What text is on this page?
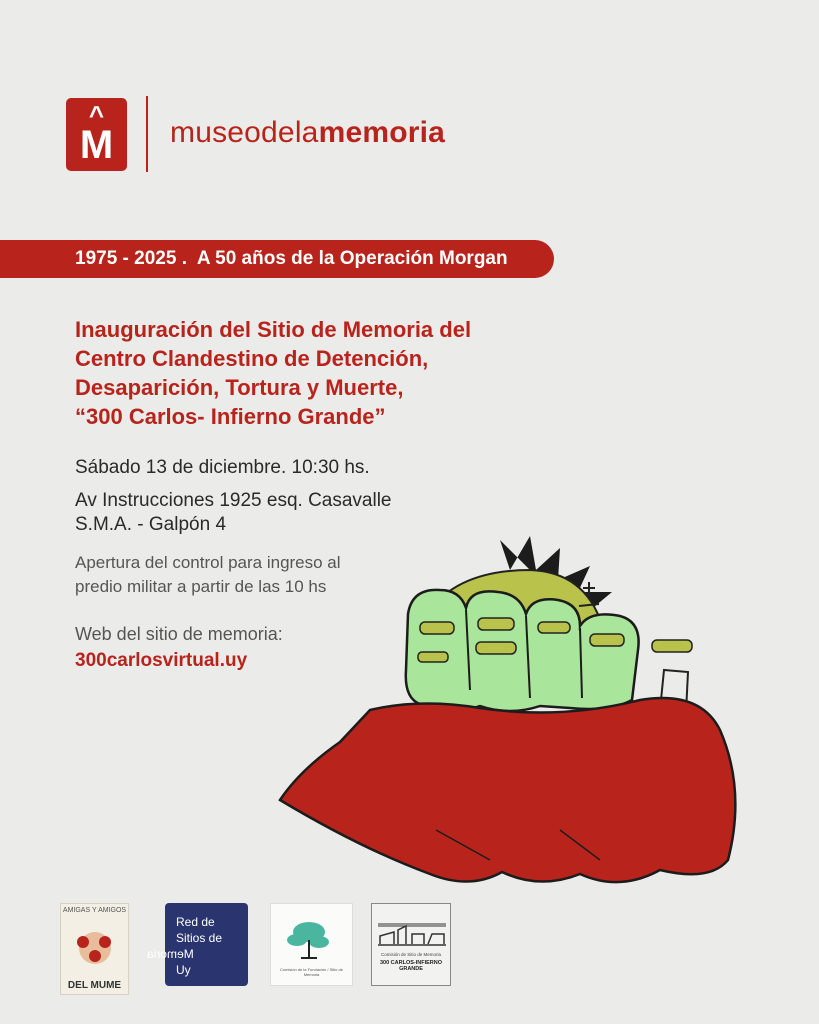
^
M	museodelamemoria
1975 - 2025 .  A 50 años de la Operación Morgan
Inauguración del Sitio de Memoria del
Centro Clandestino de Detención,
Desaparición, Tortura y Muerte,
“300 Carlos- Infierno Grande”
Sábado 13 de diciembre. 10:30 hs.
Av Instrucciones 1925 esq. Casavalle
S.M.A. - Galpón 4
Apertura del control para ingreso al
predio militar a partir de las 10 hs
Web del sitio de memoria:
300carlosvirtual.uy
AMIGAS Y AMIGOS
DEL MUME
Red de
Sitios de
Memoria
Uy	Comisión de la Fundación / Sitio de Memoria
Comisión de Sitio de Memoria
300 CARLOS-INFIERNO GRANDE
